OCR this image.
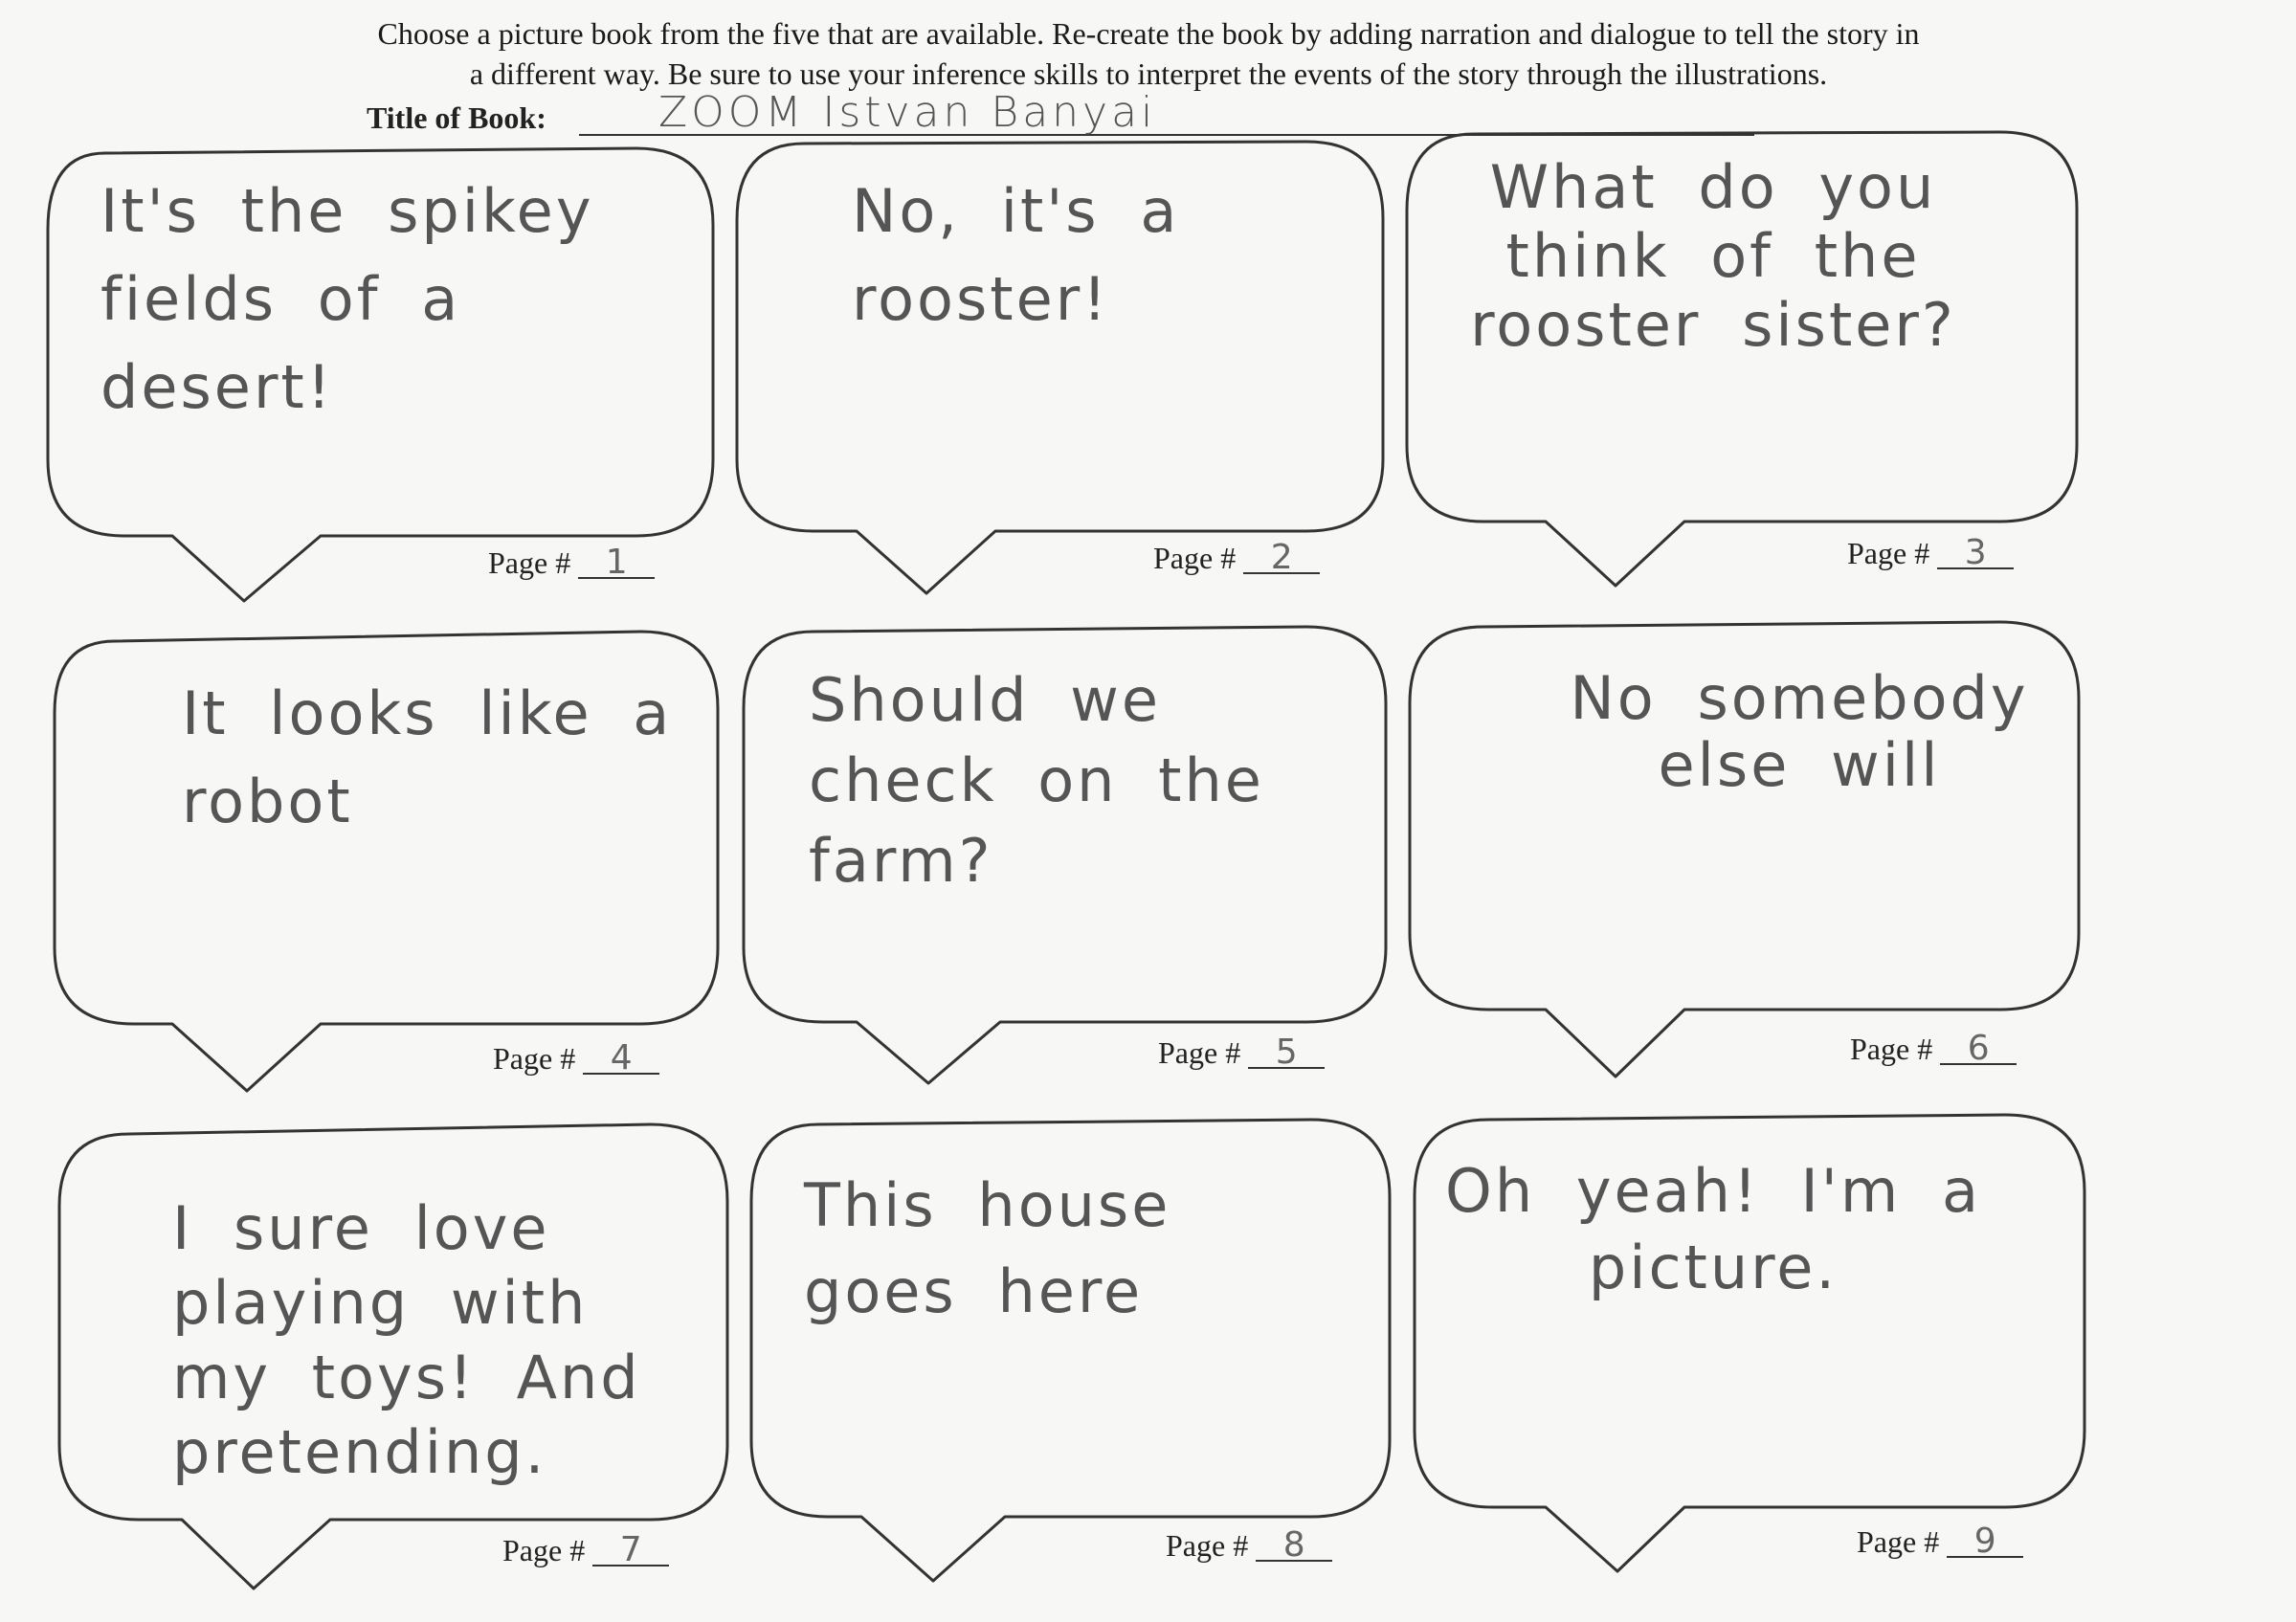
Choose a picture book from the five that are available. Re-create the book by adding narration and dialogue to tell the story in
a different way. Be sure to use your inference skills to interpret the events of the story through the illustrations.
Title of Book:	ZOOM Istvan Banyai
It's the spikey fields of a desert!
No, it's a rooster!
What do you think of the rooster sister?
It looks like a robot
Should we check on the farm?
No somebody else will
I sure love playing with my toys! And pretending.
This house goes here
Oh yeah! I'm a picture.
Page # 1	Page # 2	Page # 3
Page # 4	Page # 5	Page # 6
Page # 7	Page # 8	Page # 9
